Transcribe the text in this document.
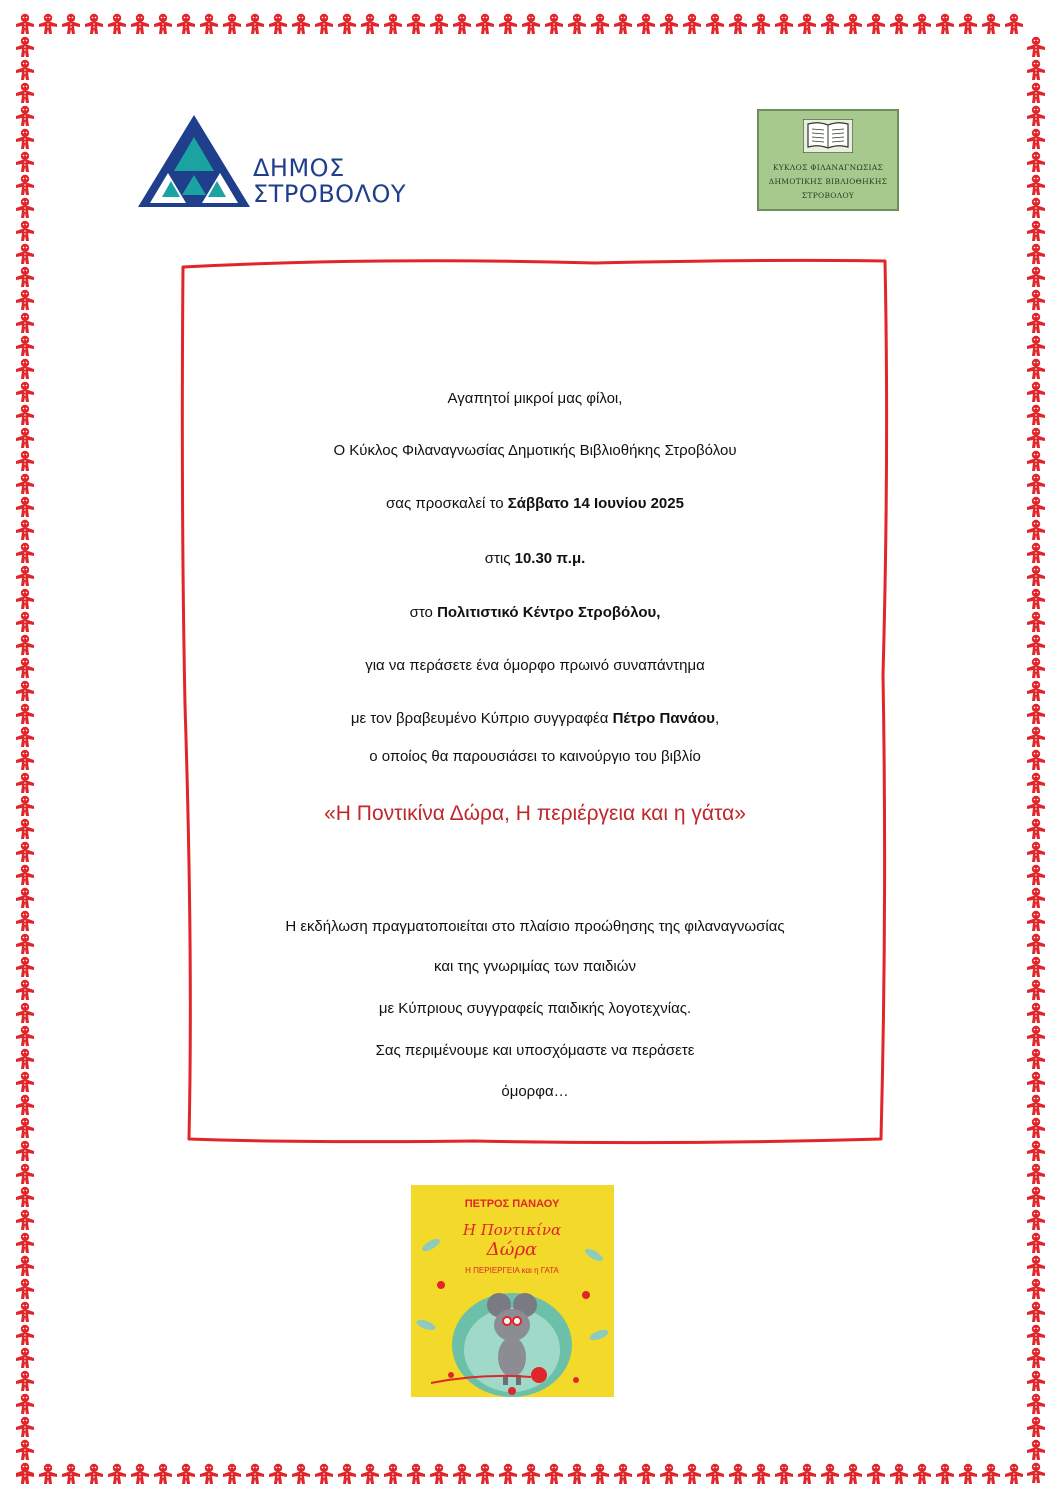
ΔΗΜΟΣ
ΣΤΡΟΒΟΛΟΥ
ΚΥΚΛΟΣ ΦΙΛΑΝΑΓΝΩΣΙΑΣ
ΔΗΜΟΤΙΚΗΣ ΒΙΒΛΙΟΘΗΚΗΣ
ΣΤΡΟΒΟΛΟΥ

Αγαπητοί μικροί μας φίλοι,

Ο Κύκλος Φιλαναγνωσίας Δημοτικής Βιβλιοθήκης Στροβόλου

σας προσκαλεί το Σάββατο 14 Ιουνίου 2025

στις 10.30 π.μ.

στο Πολιτιστικό Κέντρο Στροβόλου,

για να περάσετε ένα όμορφο πρωινό συναπάντημα

με τον βραβευμένο Κύπριο συγγραφέα Πέτρο Πανάου,

ο οποίος θα παρουσιάσει το καινούργιο του βιβλίο

«Η Ποντικίνα Δώρα, Η περιέργεια και η γάτα»

Η εκδήλωση πραγματοποιείται στο πλαίσιο προώθησης της φιλαναγνωσίας

και της γνωριμίας των παιδιών

με Κύπριους συγγραφείς παιδικής λογοτεχνίας.

Σας περιμένουμε και υποσχόμαστε να περάσετε

όμορφα…

ΠΕΤΡΟΣ ΠΑΝΑΟΥ
Η Ποντικίνα
Δώρα
Η ΠΕΡΙΕΡΓΕΙΑ και η ΓΑΤΑ
